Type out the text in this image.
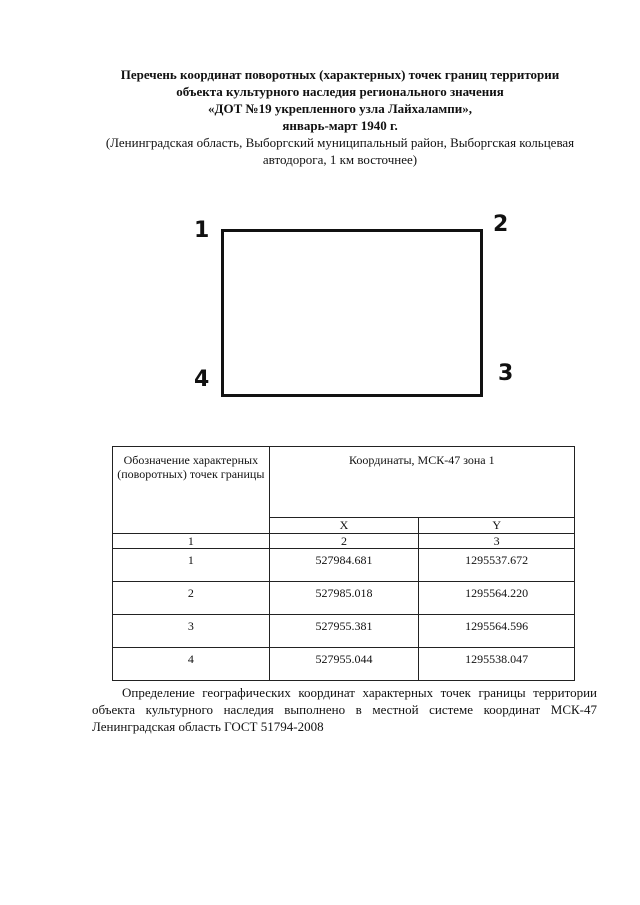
Перечень координат поворотных (характерных) точек границ территории
объекта культурного наследия регионального значения
«ДОТ №19 укрепленного узла Лайхалампи»,
январь-март 1940 г.
(Ленинградская область, Выборгский муниципальный район, Выборгская кольцевая
автодорога, 1 км восточнее)
1	2
3
4
Обозначение характерных (поворотных) точек границы	Координаты, МСК-47 зона 1	
	X	Y
1	2	3
1	527984.681	1295537.672
2	527985.018	1295564.220
3	527955.381	1295564.596
4	527955.044	1295538.047

Определение географических координат характерных точек границы территории объекта культурного наследия выполнено в местной системе координат МСК-47 Ленинградская область ГОСТ 51794-2008
